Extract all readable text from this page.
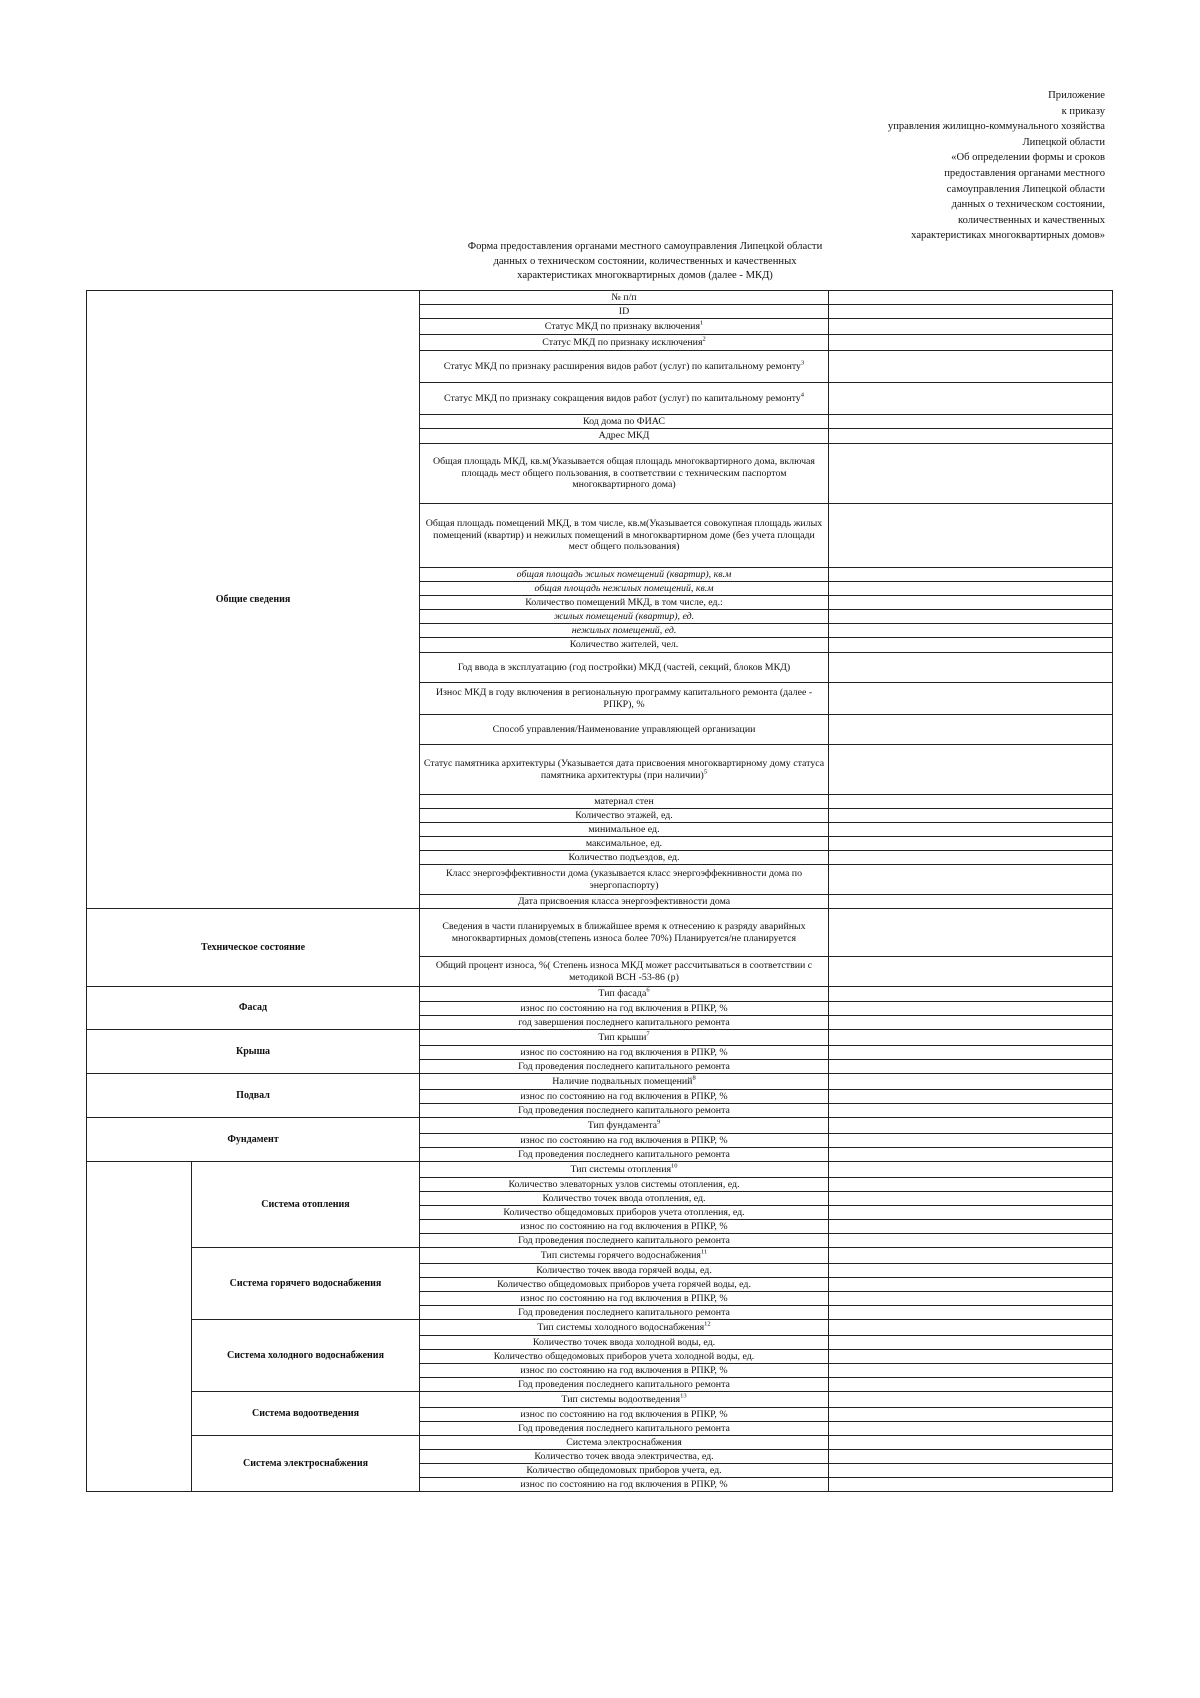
Приложение
к приказу
управления жилищно-коммунального хозяйства
Липецкой области
«Об определении формы и сроков
предоставления органами местного
самоуправления Липецкой области
данных о техническом состоянии,
количественных и качественных
характеристиках многоквартирных домов»
Форма предоставления органами местного самоуправления Липецкой области
данных о техническом состоянии, количественных и качественных
характеристиках многоквартирных домов (далее - МКД)
Общие сведения		№ п/п	
		ID	
		Статус МКД по признаку включения$^1$	
		Статус МКД по признаку исключения$^2$	
		Статус МКД по признаку расширения видов работ (услуг) по капитальному ремонту$^3$	
		Статус МКД по признаку сокращения видов работ (услуг) по капитальному ремонту$^4$	
		Код дома по ФИАС	
		Адрес МКД	
		Общая площадь МКД, кв.м(Указывается общая площадь многоквартирного дома, включая площадь мест общего пользования, в соответствии с техническим паспортом многоквартирного дома)	
		Общая площадь помещений МКД, в том числе, кв.м(Указывается совокупная площадь жилых помещений (квартир) и нежилых помещений в многоквартирном доме (без учета площади мест общего пользования)	
		общая площадь жилых помещений (квартир), кв.м	
		общая площадь нежилых помещений, кв.м	
		Количество помещений МКД, в том числе, ед.:	
		жилых помещений (квартир), ед.	
		нежилых помещений, ед.	
		Количество жителей, чел.	
		Год ввода в эксплуатацию (год постройки) МКД (частей, секций, блоков МКД)	
		Износ МКД в году включения в региональную программу капитального ремонта (далее - РПКР), %	
		Способ управления/Наименование управляющей организации	
		Статус памятника архитектуры (Указывается дата присвоения многоквартирному дому статуса памятника архитектуры (при наличии)$^5$	
		материал стен	
		Количество этажей, ед.	
		минимальное ед.	
		максимальное, ед.	
		Количество подъездов, ед.	
		Класс энергоэффективности дома (указывается класс энергоэффекнивности дома по энергопаспорту)	
		Дата присвоения класса энергоэфективности дома	
Техническое состояние		Сведения в части планируемых в ближайшее время к отнесению к разряду аварийных многоквартирных домов(степень износа более 70%) Планируется/не планируется	
		Общий процент износа, %( Степень износа МКД может рассчитываться в соответствии с методикой ВСН -53-86 (р)	
Фасад		Тип фасада$^6$	
		износ по состоянию на год включения в РПКР, %	
		год завершения последнего капитального ремонта	
Крыша		Тип крыши$^7$	
		износ по состоянию на год включения в РПКР, %	
		Год проведения последнего капитального ремонта	
Подвал		Наличие подвальных помещений$^8$	
		износ по состоянию на год включения в РПКР, %	
		Год проведения последнего капитального ремонта	
Фундамент		Тип фундамента$^9$	
		износ по состоянию на год включения в РПКР, %	
		Год проведения последнего капитального ремонта	
	Система отопления	Тип системы отопления$^{10}$	
		Количество элеваторных узлов системы отопления, ед.	
		Количество точек ввода отопления, ед.	
		Количество общедомовых приборов учета отопления, ед.	
		износ по состоянию на год включения в РПКР, %	
		Год проведения последнего капитального ремонта	
	Система горячего водоснабжения	Тип системы горячего водоснабжения$^{11}$	
		Количество точек ввода горячей воды, ед.	
		Количество общедомовых приборов учета горячей воды, ед.	
		износ по состоянию на год включения в РПКР, %	
		Год проведения последнего капитального ремонта	
	Система холодного водоснабжения	Тип системы холодного водоснабжения$^{12}$	
		Количество точек ввода холодной воды, ед.	
		Количество общедомовых приборов учета холодной воды, ед.	
		износ по состоянию на год включения в РПКР, %	
		Год проведения последнего капитального ремонта	
	Система водоотведения	Тип системы водоотведения$^{13}$	
		износ по состоянию на год включения в РПКР, %	
		Год проведения последнего капитального ремонта	
	Система электроснабжения	Система электроснабжения	
		Количество точек ввода электричества, ед.	
		Количество общедомовых приборов учета, ед.	
		износ по состоянию на год включения в РПКР, %	
